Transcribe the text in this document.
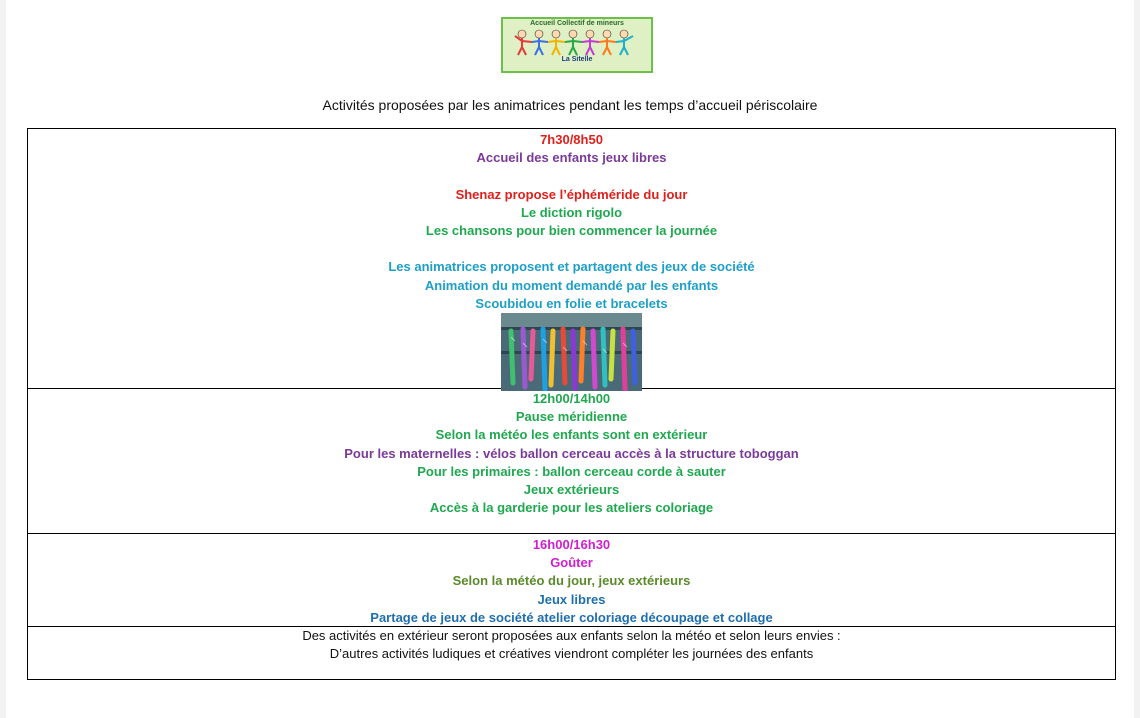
Accueil Collectif de mineurs
La Sitelle
Activités proposées par les animatrices pendant les temps d’accueil périscolaire
7h30/8h50
Accueil des enfants jeux libres
Shenaz propose l’éphéméride du jour
Le diction rigolo
Les chansons pour bien commencer la journée
Les animatrices proposent et partagent des jeux de société
Animation du moment demandé par les enfants
Scoubidou en folie et bracelets
12h00/14h00
Pause méridienne
Selon la météo les enfants sont en extérieur
Pour les maternelles : vélos ballon cerceau accès à la structure toboggan
Pour les primaires : ballon cerceau corde à sauter
Jeux extérieurs
Accès à la garderie pour les ateliers coloriage
16h00/16h30
Goûter
Selon la météo du jour, jeux extérieurs
Jeux libres
Partage de jeux de société atelier coloriage découpage et collage
Des activités en extérieur seront proposées aux enfants selon la météo et selon leurs envies :
D’autres activités ludiques et créatives viendront compléter les journées des enfants
